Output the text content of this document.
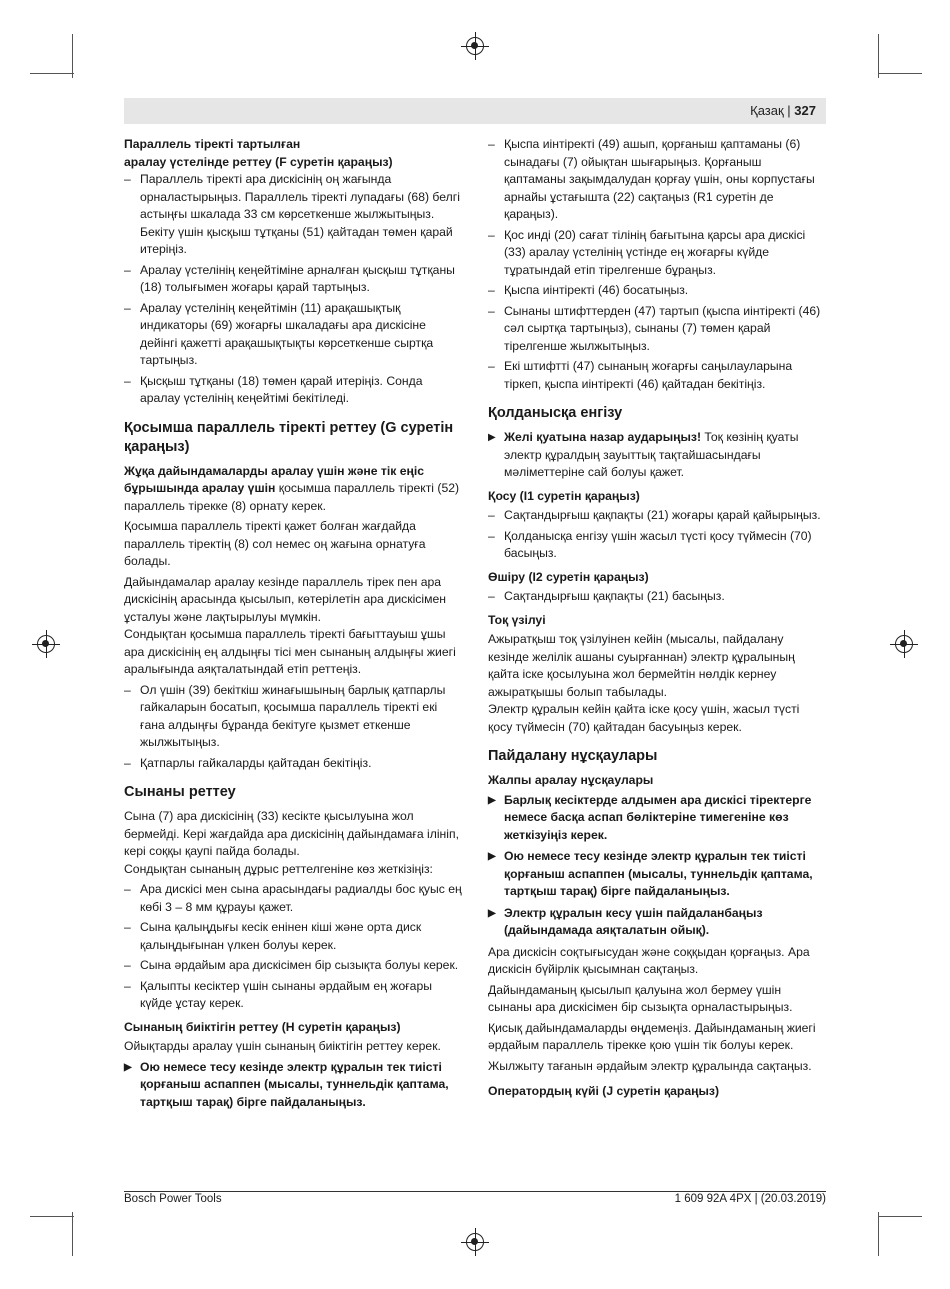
Қазақ | 327

Параллель тіректі тартылған
аралау үстелінде реттеу (F суретін қараңыз)

– Параллель тіректі ара дискісінің оң жағында орналастырыңыз. Параллель тіректі лупадағы (68) белгі астыңғы шкалада 33 см көрсеткенше жылжытыңыз. Бекіту үшін қысқыш тұтқаны (51) қайтадан төмен қарай итеріңіз.
– Аралау үстелінің кеңейтіміне арналған қысқыш тұтқаны (18) толығымен жоғары қарай тартыңыз.
– Аралау үстелінің кеңейтімін (11) арақашықтық индикаторы (69) жоғарғы шкаладағы ара дискісіне дейінгі қажетті арақашықтықты көрсеткенше сыртқа тартыңыз.
– Қысқыш тұтқаны (18) төмен қарай итеріңіз. Сонда аралау үстелінің кеңейтімі бекітіледі.
Қосымша параллель тіректі реттеу (G суретін қараңыз)

Жұқа дайындамаларды аралау үшін және тік еңіс бұрышында аралау үшін қосымша параллель тіректі (52) параллель тірекке (8) орнату керек.

Қосымша параллель тіректі қажет болған жағдайда параллель тіректің (8) сол немес оң жағына орнатуға болады.

Дайындамалар аралау кезінде параллель тірек пен ара дискісінің арасында қысылып, көтерілетін ара дискісімен ұсталуы және лақтырылуы мүмкін.

Сондықтан қосымша параллель тіректі бағыттауыш ұшы ара дискісінің ең алдыңғы тісі мен сынаның алдыңғы жиегі аралығында аяқталатындай етіп реттеңіз.

– Ол үшін (39) бекіткіш жинағышының барлық қатпарлы гайкаларын босатып, қосымша параллель тіректі екі ғана алдыңғы бұранда бекітуге қызмет еткенше жылжытыңыз.
– Қатпарлы гайкаларды қайтадан бекітіңіз.
Сынаны реттеу

Сына (7) ара дискісінің (33) кесікте қысылуына жол бермейді. Кері жағдайда ара дискісінің дайындамаға ілініп, кері соққы қаупі пайда болады.

Сондықтан сынаның дұрыс реттелгеніне көз жеткізіңіз:

– Ара дискісі мен сына арасындағы радиалды бос қуыс ең көбі 3 – 8 мм құрауы қажет.
– Сына қалыңдығы кесік енінен кіші және орта диск қалыңдығынан үлкен болуы керек.
– Сына әрдайым ара дискісімен бір сызықта болуы керек.
– Қалыпты кесіктер үшін сынаны әрдайым ең жоғары күйде ұстау керек.
Сынаның биіктігін реттеу (H суретін қараңыз)

Ойықтарды аралау үшін сынаның биіктігін реттеу керек.

▶ Ою немесе тесу кезінде электр құралын тек тиісті қорғаныш аспаппен (мысалы, туннельдік қаптама, тартқыш тарақ) бірге пайдаланыңыз.
– Қыспа иінтіректі (49) ашып, қорғаныш қаптаманы (6) сынадағы (7) ойықтан шығарыңыз. Қорғаныш қаптаманы зақымдалудан қорғау үшін, оны корпустағы арнайы ұстағышта (22) сақтаңыз (R1 суретін де қараңыз).
– Қос инді (20) сағат тілінің бағытына қарсы ара дискісі (33) аралау үстелінің үстінде ең жоғарғы күйде тұратындай етіп тірелгенше бұраңыз.
– Қыспа иінтіректі (46) босатыңыз.
– Сынаны штифттерден (47) тартып (қыспа иінтіректі (46) сәл сыртқа тартыңыз), сынаны (7) төмен қарай тірелгенше жылжытыңыз.
– Екі штифтті (47) сынаның жоғарғы саңылауларына тіркеп, қыспа иінтіректі (46) қайтадан бекітіңіз.
Қолданысқа енгізу
▶ Желі қуатына назар аударыңыз! Тоқ көзінің қуаты электр құралдың зауыттық тақтайшасындағы мәліметтеріне сай болуы қажет.
Қосу (I1 суретін қараңыз)
– Сақтандырғыш қақпақты (21) жоғары қарай қайырыңыз.
– Қолданысқа енгізу үшін жасыл түсті қосу түймесін (70) басыңыз.
Өшіру (I2 суретін қараңыз)
– Сақтандырғыш қақпақты (21) басыңыз.
Тоқ үзілуі

Ажыратқыш тоқ үзілуінен кейін (мысалы, пайдалану кезінде желілік ашаны суырғаннан) электр құралының қайта іске қосылуына жол бермейтін нөлдік кернеу ажыратқышы болып табылады.

Электр құралын кейін қайта іске қосу үшін, жасыл түсті қосу түймесін (70) қайтадан басуыңыз керек.

Пайдалану нұсқаулары
Жалпы аралау нұсқаулары
▶ Барлық кесіктерде алдымен ара дискісі тіректерге немесе басқа аспап бөліктеріне тимегеніне көз жеткізуіңіз керек.
▶ Ою немесе тесу кезінде электр құралын тек тиісті қорғаныш аспаппен (мысалы, туннельдік қаптама, тартқыш тарақ) бірге пайдаланыңыз.
▶ Электр құралын кесу үшін пайдаланбаңыз (дайындамада аяқталатын ойық).

Ара дискісін соқтығысудан және соққыдан қорғаңыз. Ара дискісін бүйірлік қысымнан сақтаңыз.

Дайындаманың қысылып қалуына жол бермеу үшін сынаны ара дискісімен бір сызықта орналастырыңыз.

Қисық дайындамаларды өңдемеңіз. Дайындаманың жиегі әрдайым параллель тірекке қою үшін тік болуы керек.

Жылжыту тағанын әрдайым электр құралында сақтаңыз.

Оператордың күйі (J суретін қараңыз)
Bosch Power Tools	1 609 92A 4PX | (20.03.2019)
